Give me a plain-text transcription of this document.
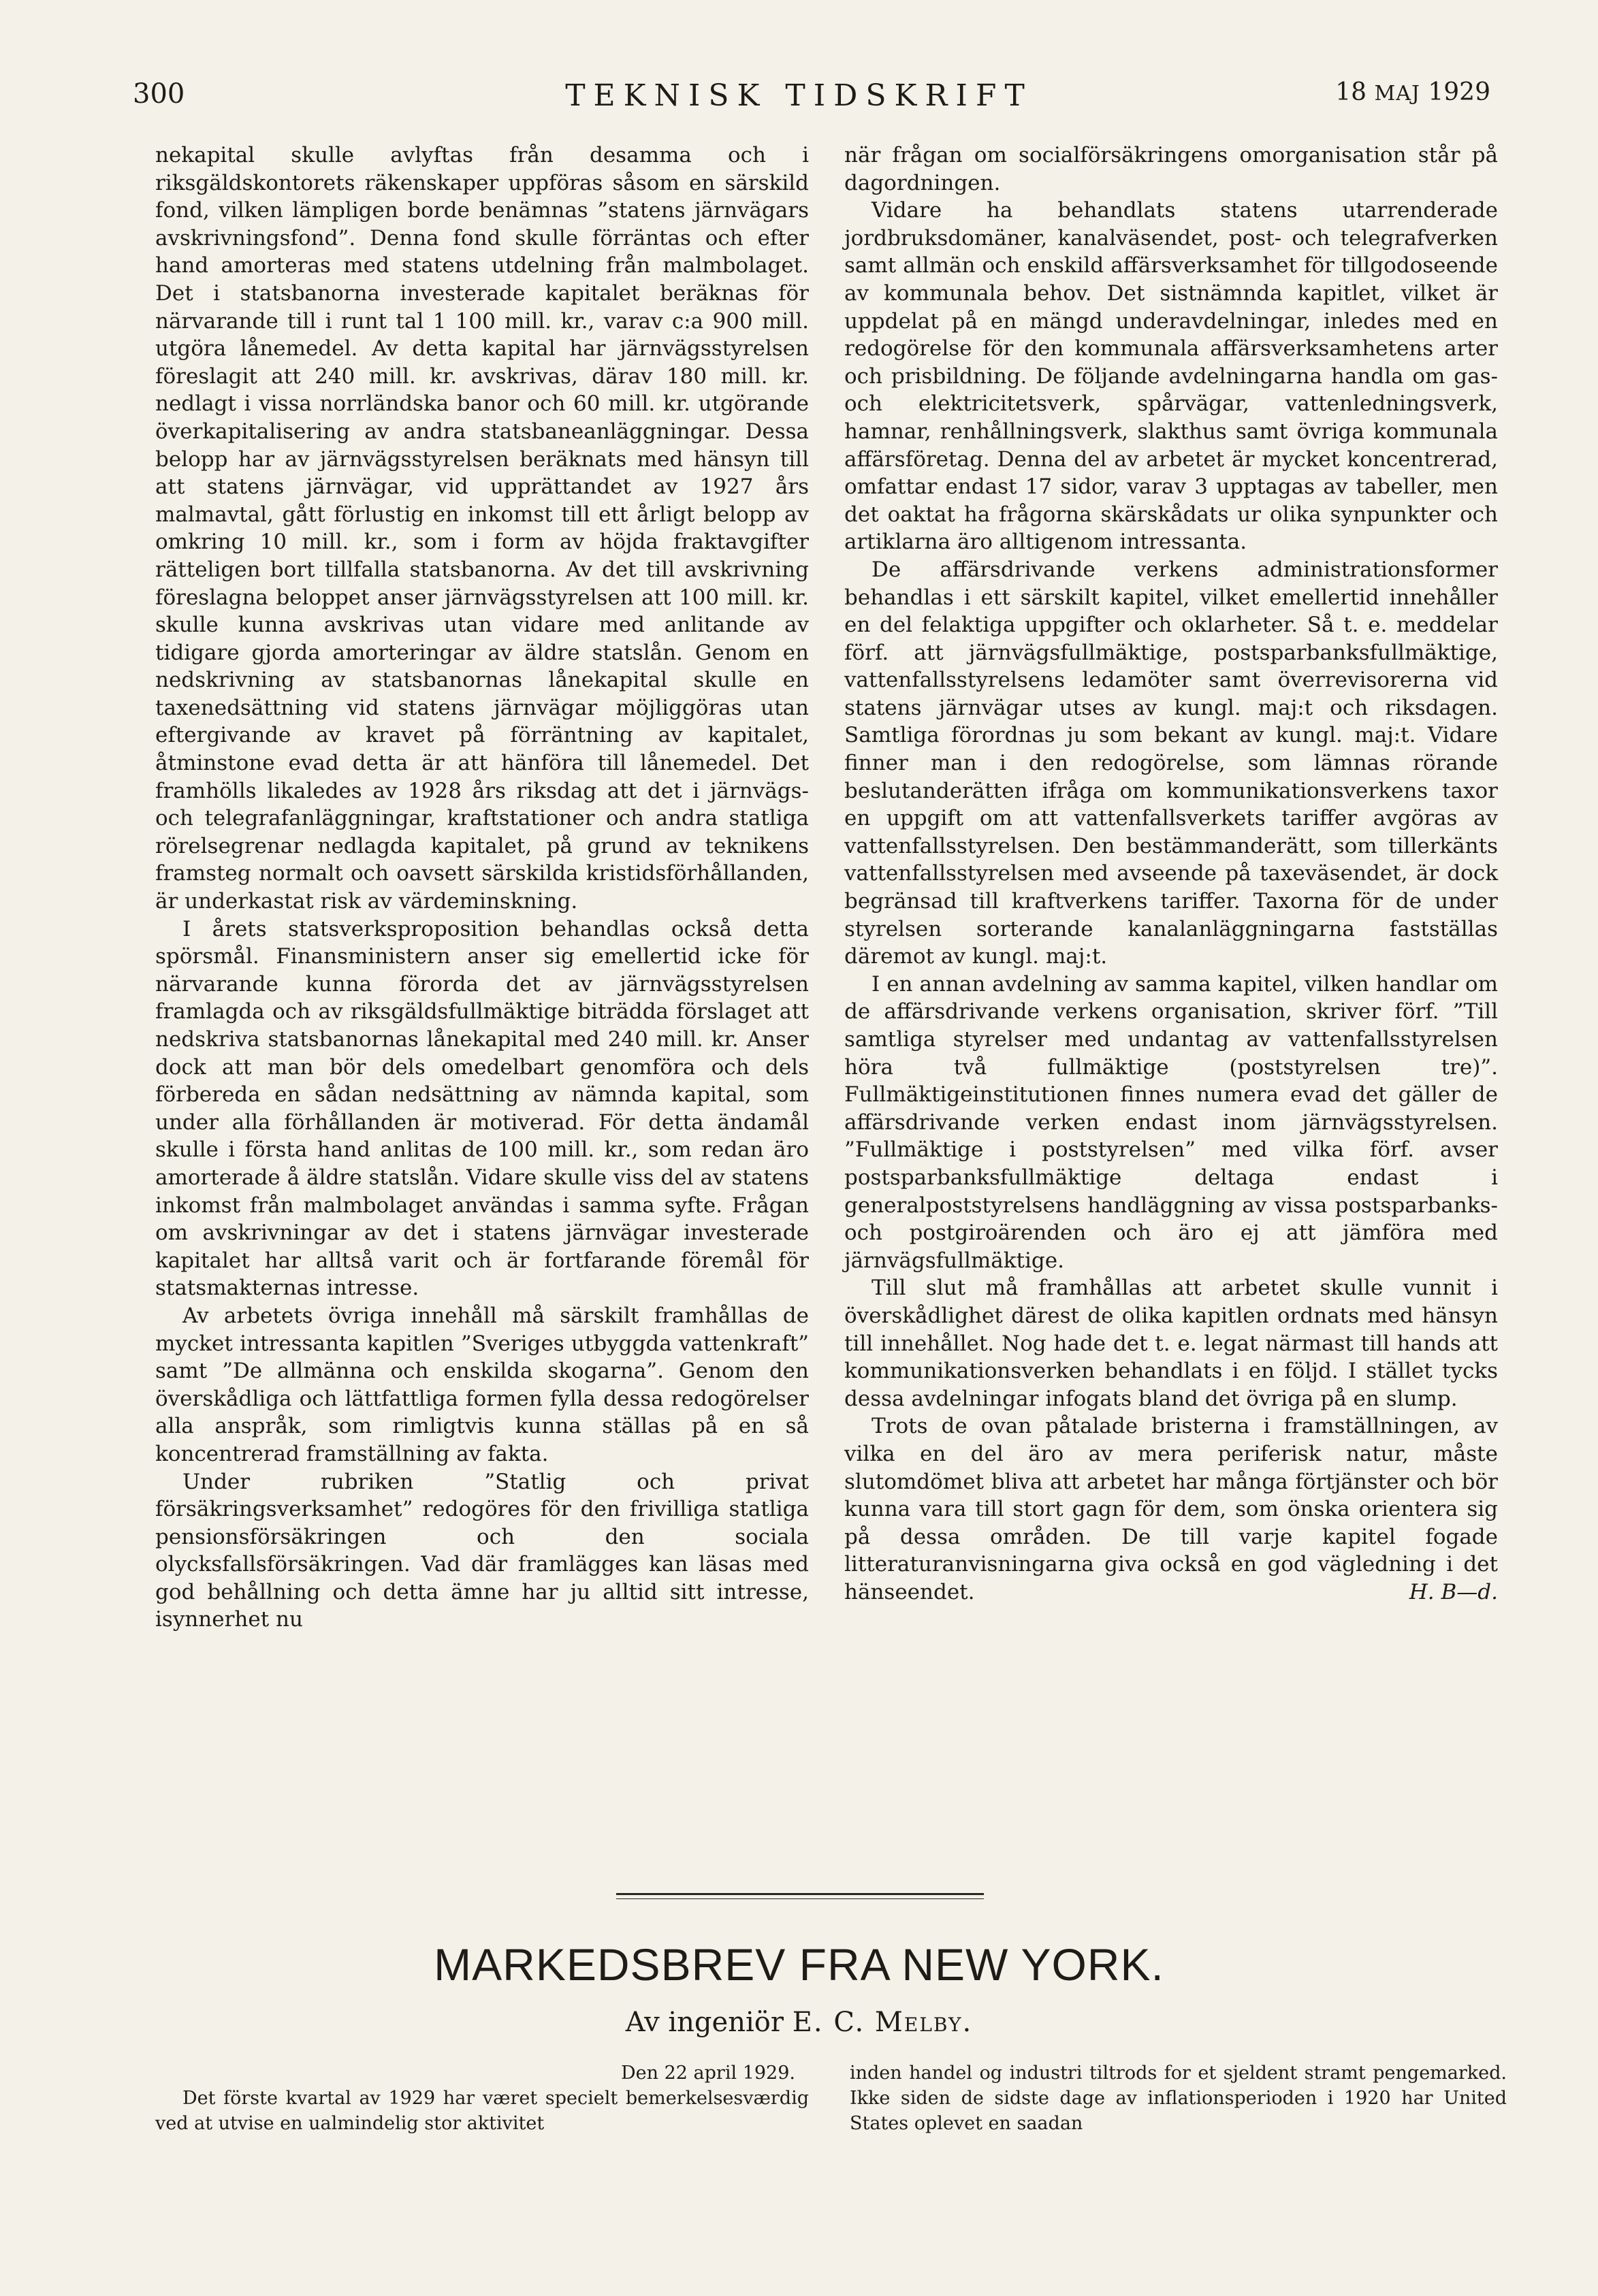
300	TEKNISK TIDSKRIFT	18 MAJ 1929

nekapital skulle avlyftas från desamma och i riksgäldskontorets räkenskaper uppföras såsom en särskild fond, vilken lämpligen borde benämnas ”statens järnvägars avskrivningsfond”. Denna fond skulle förräntas och efter hand amorteras med statens utdelning från malmbolaget. Det i statsbanorna investerade kapitalet beräknas för närvarande till i runt tal 1 100 mill. kr., varav c:a 900 mill. utgöra lånemedel. Av detta kapital har järnvägsstyrelsen föreslagit att 240 mill. kr. avskrivas, därav 180 mill. kr. nedlagt i vissa norrländska banor och 60 mill. kr. utgörande överkapitalisering av andra statsbaneanläggningar. Dessa belopp har av järnvägsstyrelsen beräknats med hänsyn till att statens järnvägar, vid upprättandet av 1927 års malmavtal, gått förlustig en inkomst till ett årligt belopp av omkring 10 mill. kr., som i form av höjda fraktavgifter rätteligen bort tillfalla statsbanorna. Av det till avskrivning föreslagna beloppet anser järnvägsstyrelsen att 100 mill. kr. skulle kunna avskrivas utan vidare med anlitande av tidigare gjorda amorteringar av äldre statslån. Genom en nedskrivning av statsbanornas lånekapital skulle en taxenedsättning vid statens järnvägar möjliggöras utan eftergivande av kravet på förräntning av kapitalet, åtminstone evad detta är att hänföra till lånemedel. Det framhölls likaledes av 1928 års riksdag att det i järnvägs- och telegrafanläggningar, kraftstationer och andra statliga rörelsegrenar nedlagda kapitalet, på grund av teknikens framsteg normalt och oavsett särskilda kristidsförhållanden, är underkastat risk av värdeminskning.

I årets statsverksproposition behandlas också detta spörsmål. Finansministern anser sig emellertid icke för närvarande kunna förorda det av järnvägsstyrelsen framlagda och av riksgäldsfullmäktige biträdda förslaget att nedskriva statsbanornas lånekapital med 240 mill. kr. Anser dock att man bör dels omedelbart genomföra och dels förbereda en sådan nedsättning av nämnda kapital, som under alla förhållanden är motiverad. För detta ändamål skulle i första hand anlitas de 100 mill. kr., som redan äro amorterade å äldre statslån. Vidare skulle viss del av statens inkomst från malmbolaget användas i samma syfte. Frågan om avskrivningar av det i statens järnvägar investerade kapitalet har alltså varit och är fortfarande föremål för statsmakternas intresse.

Av arbetets övriga innehåll må särskilt framhållas de mycket intressanta kapitlen ”Sveriges utbyggda vattenkraft” samt ”De allmänna och enskilda skogarna”. Genom den överskådliga och lättfattliga formen fylla dessa redogörelser alla anspråk, som rimligtvis kunna ställas på en så koncentrerad framställning av fakta.

Under rubriken ”Statlig och privat försäkringsverksamhet” redogöres för den frivilliga statliga pensionsförsäkringen och den sociala olycksfallsförsäkringen. Vad där framlägges kan läsas med god behållning och detta ämne har ju alltid sitt intresse, isynnerhet nu

när frågan om socialförsäkringens omorganisation står på dagordningen.

Vidare ha behandlats statens utarrenderade jordbruksdomäner, kanalväsendet, post- och telegrafverken samt allmän och enskild affärsverksamhet för tillgodoseende av kommunala behov. Det sistnämnda kapitlet, vilket är uppdelat på en mängd underavdelningar, inledes med en redogörelse för den kommunala affärsverksamhetens arter och prisbildning. De följande avdelningarna handla om gas- och elektricitetsverk, spårvägar, vattenledningsverk, hamnar, renhållningsverk, slakthus samt övriga kommunala affärsföretag. Denna del av arbetet är mycket koncentrerad, omfattar endast 17 sidor, varav 3 upptagas av tabeller, men det oaktat ha frågorna skärskådats ur olika synpunkter och artiklarna äro alltigenom intressanta.

De affärsdrivande verkens administrationsformer behandlas i ett särskilt kapitel, vilket emellertid innehåller en del felaktiga uppgifter och oklarheter. Så t. e. meddelar förf. att järnvägsfullmäktige, postsparbanksfullmäktige, vattenfallsstyrelsens ledamöter samt överrevisorerna vid statens järnvägar utses av kungl. maj:t och riksdagen. Samtliga förordnas ju som bekant av kungl. maj:t. Vidare finner man i den redogörelse, som lämnas rörande beslutanderätten ifråga om kommunikationsverkens taxor en uppgift om att vattenfallsverkets tariffer avgöras av vattenfallsstyrelsen. Den bestämmanderätt, som tillerkänts vattenfallsstyrelsen med avseende på taxeväsendet, är dock begränsad till kraftverkens tariffer. Taxorna för de under styrelsen sorterande kanalanläggningarna fastställas däremot av kungl. maj:t.

I en annan avdelning av samma kapitel, vilken handlar om de affärsdrivande verkens organisation, skriver förf. ”Till samtliga styrelser med undantag av vattenfallsstyrelsen höra två fullmäktige (poststyrelsen tre)”. Fullmäktigeinstitutionen finnes numera evad det gäller de affärsdrivande verken endast inom järnvägsstyrelsen. ”Fullmäktige i poststyrelsen” med vilka förf. avser postsparbanksfullmäktige deltaga endast i generalpoststyrelsens handläggning av vissa postsparbanks- och postgiroärenden och äro ej att jämföra med järnvägsfullmäktige.

Till slut må framhållas att arbetet skulle vunnit i överskådlighet därest de olika kapitlen ordnats med hänsyn till innehållet. Nog hade det t. e. legat närmast till hands att kommunikationsverken behandlats i en följd. I stället tycks dessa avdelningar infogats bland det övriga på en slump.

Trots de ovan påtalade bristerna i framställningen, av vilka en del äro av mera periferisk natur, måste slutomdömet bliva att arbetet har många förtjänster och bör kunna vara till stort gagn för dem, som önska orientera sig på dessa områden. De till varje kapitel fogade litteraturanvisningarna giva också en god vägledning i det hänseendet.	H. B—d.

MARKEDSBREV FRA NEW YORK.
Av ingeniör E. C. Melby.

Den 22 april 1929.

Det förste kvartal av 1929 har været specielt bemerkelsesværdig ved at utvise en ualmindelig stor aktivitet

inden handel og industri tiltrods for et sjeldent stramt pengemarked. Ikke siden de sidste dage av inflationsperioden i 1920 har United States oplevet en saadan
